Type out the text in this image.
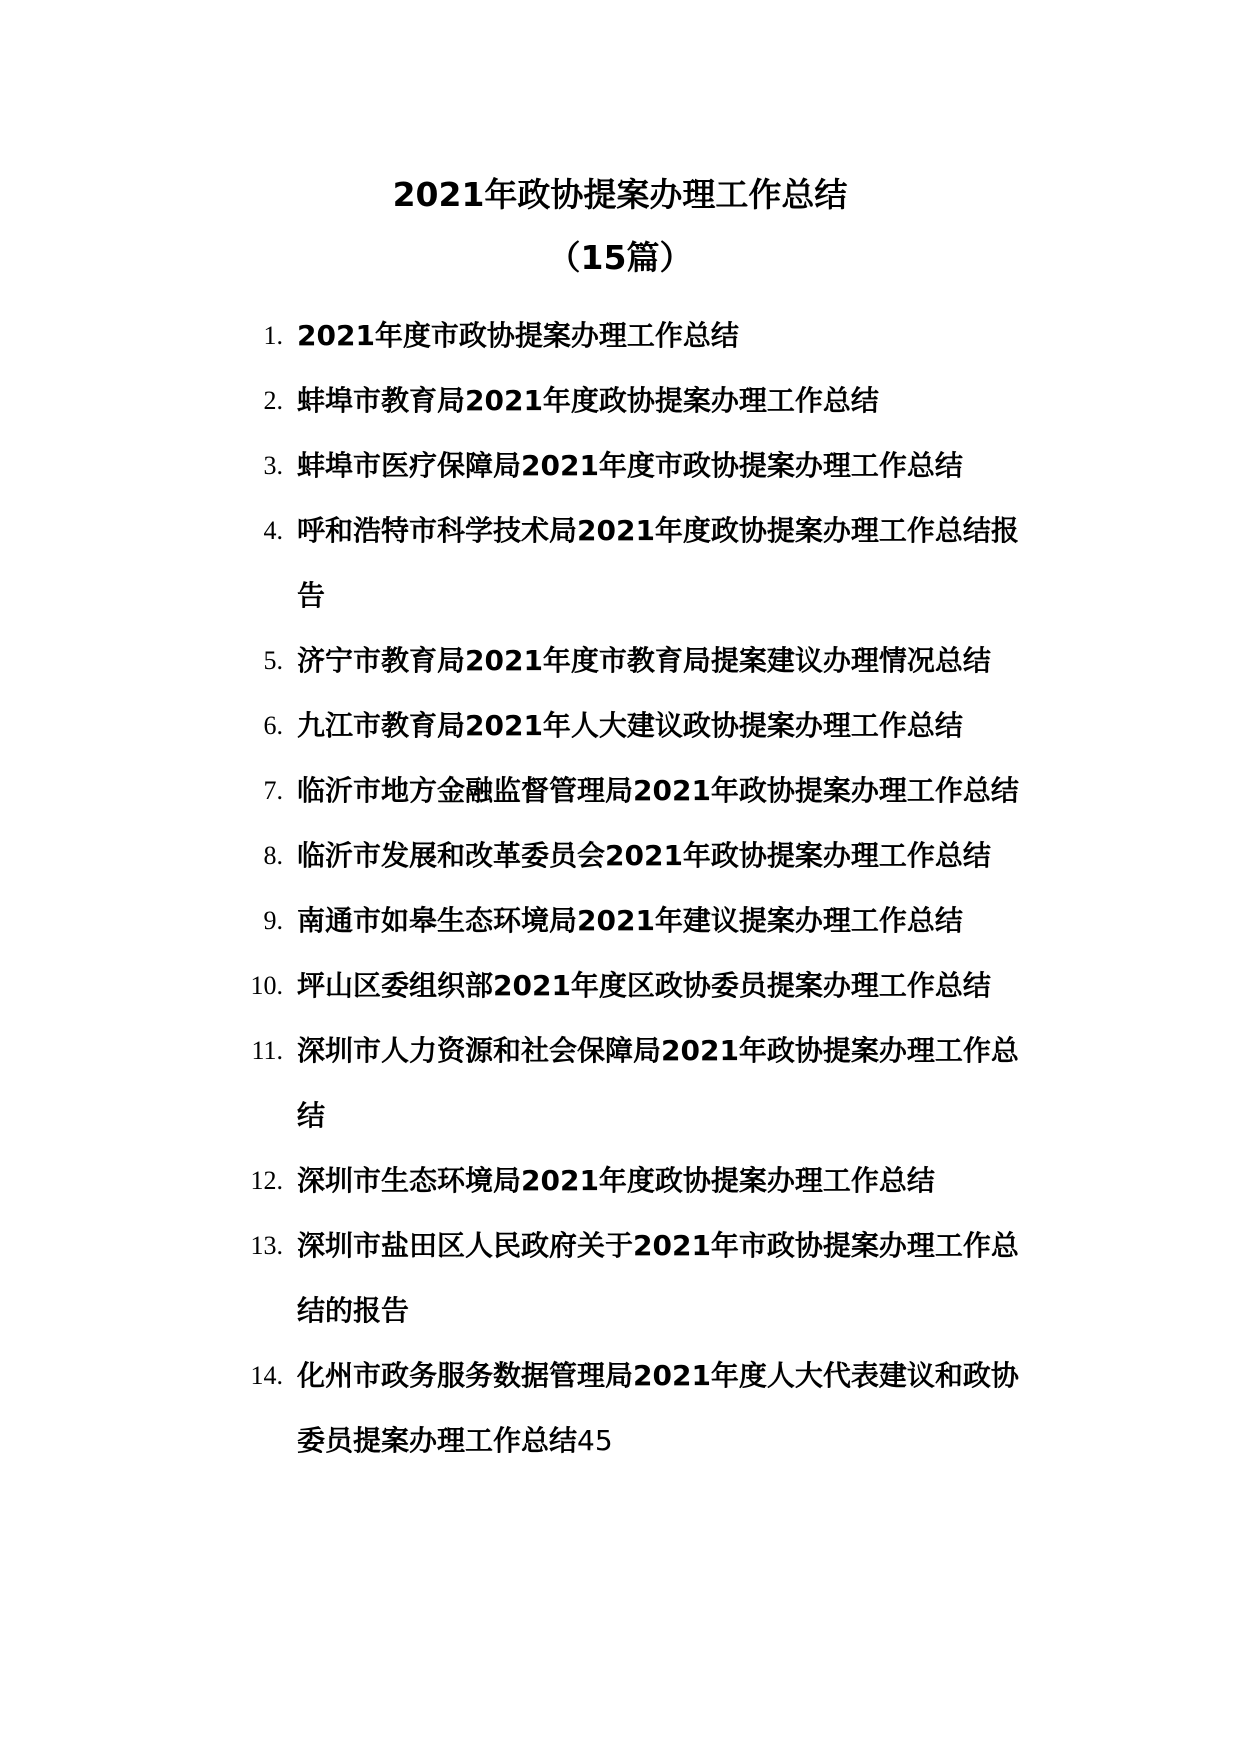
2021年政协提案办理工作总结
（15篇）
1. 2021年度市政协提案办理工作总结
2. 蚌埠市教育局2021年度政协提案办理工作总结
3. 蚌埠市医疗保障局2021年度市政协提案办理工作总结
4. 呼和浩特市科学技术局2021年度政协提案办理工作总结报告
5. 济宁市教育局2021年度市教育局提案建议办理情况总结
6. 九江市教育局2021年人大建议政协提案办理工作总结
7. 临沂市地方金融监督管理局2021年政协提案办理工作总结
8. 临沂市发展和改革委员会2021年政协提案办理工作总结
9. 南通市如皋生态环境局2021年建议提案办理工作总结
10. 坪山区委组织部2021年度区政协委员提案办理工作总结
11. 深圳市人力资源和社会保障局2021年政协提案办理工作总结
12. 深圳市生态环境局2021年度政协提案办理工作总结
13. 深圳市盐田区人民政府关于2021年市政协提案办理工作总结的报告
14. 化州市政务服务数据管理局2021年度人大代表建议和政协委员提案办理工作总结45
